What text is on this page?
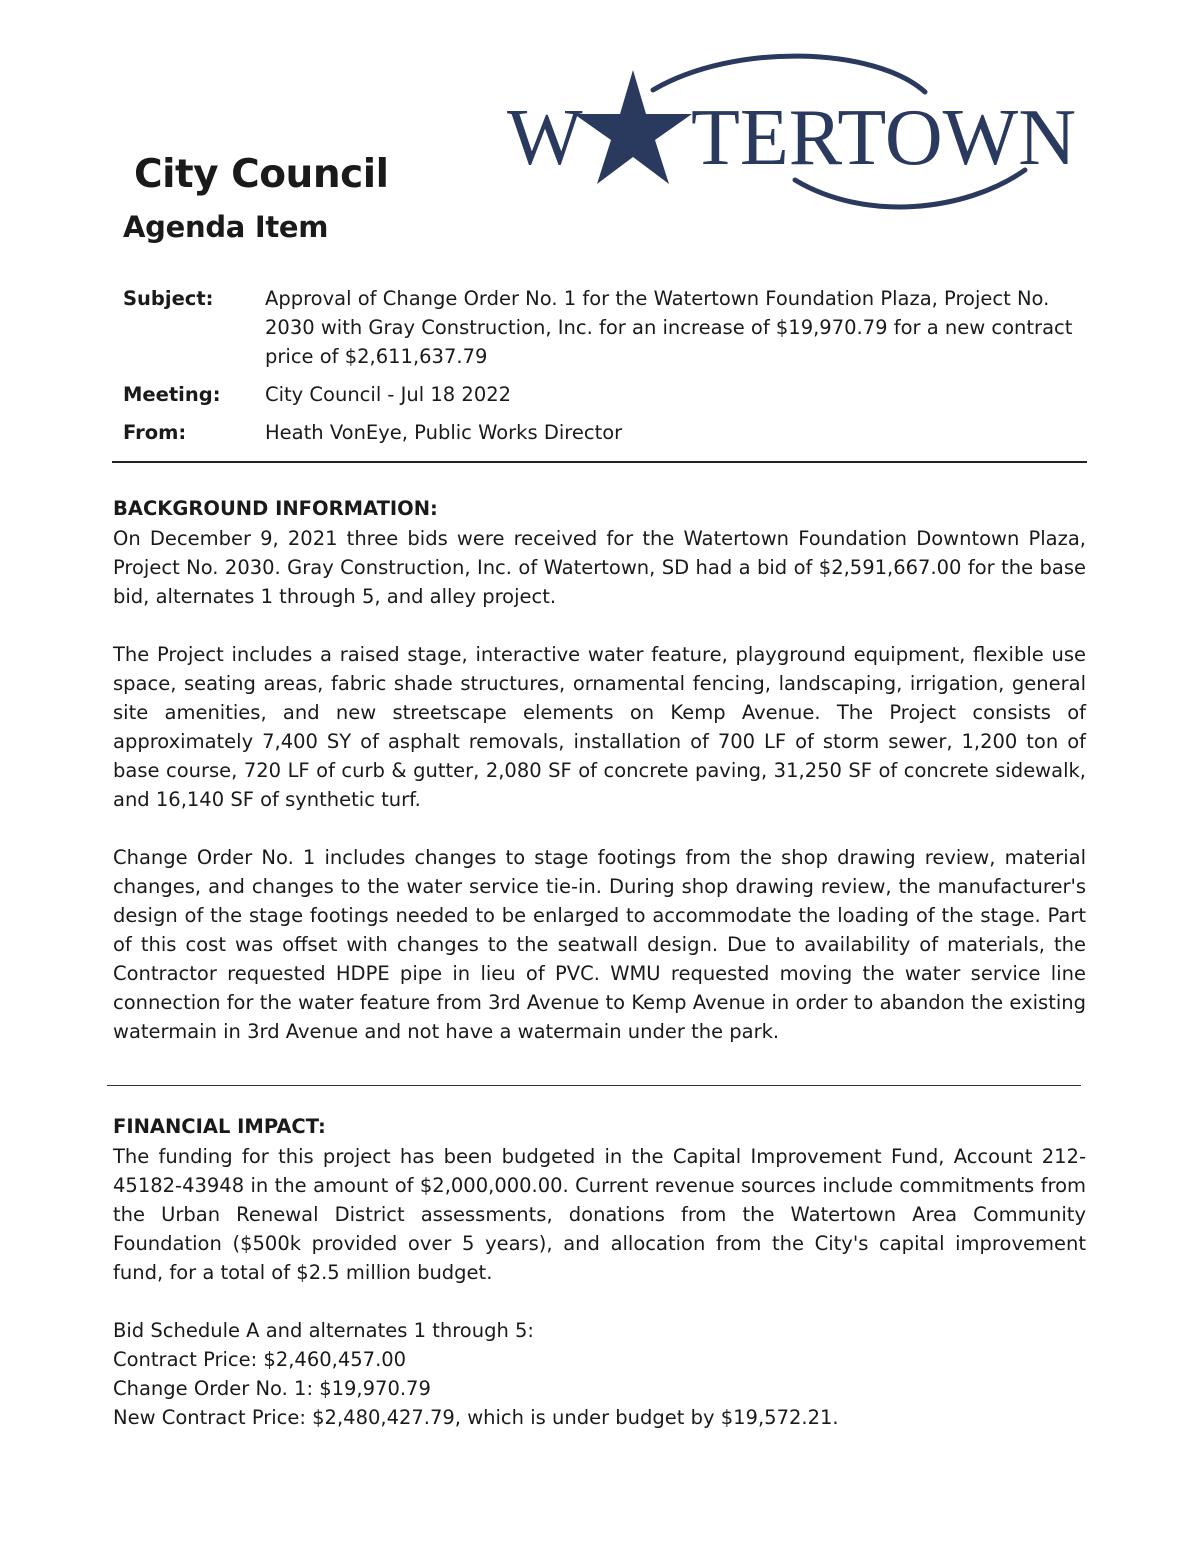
W TERTOWN
City Council
Agenda Item
Subject:	Approval of Change Order No. 1 for the Watertown Foundation Plaza, Project No. 2030 with Gray Construction, Inc. for an increase of $19,970.79 for a new contract price of $2,611,637.79
Meeting:	City Council - Jul 18 2022
From:	Heath VonEye, Public Works Director
BACKGROUND INFORMATION:

On December 9, 2021 three bids were received for the Watertown Foundation Downtown Plaza, Project No. 2030. Gray Construction, Inc. of Watertown, SD had a bid of $2,591,667.00 for the base bid, alternates 1 through 5, and alley project.

The Project includes a raised stage, interactive water feature, playground equipment, flexible use space, seating areas, fabric shade structures, ornamental fencing, landscaping, irrigation, general site amenities, and new streetscape elements on Kemp Avenue. The Project consists of approximately 7,400 SY of asphalt removals, installation of 700 LF of storm sewer, 1,200 ton of base course, 720 LF of curb & gutter, 2,080 SF of concrete paving, 31,250 SF of concrete sidewalk, and 16,140 SF of synthetic turf.

Change Order No. 1 includes changes to stage footings from the shop drawing review, material changes, and changes to the water service tie-in. During shop drawing review, the manufacturer's design of the stage footings needed to be enlarged to accommodate the loading of the stage. Part of this cost was offset with changes to the seatwall design. Due to availability of materials, the Contractor requested HDPE pipe in lieu of PVC. WMU requested moving the water service line connection for the water feature from 3rd Avenue to Kemp Avenue in order to abandon the existing watermain in 3rd Avenue and not have a watermain under the park.

FINANCIAL IMPACT:

The funding for this project has been budgeted in the Capital Improvement Fund, Account 212-45182-43948 in the amount of $2,000,000.00. Current revenue sources include commitments from the Urban Renewal District assessments, donations from the Watertown Area Community Foundation ($500k provided over 5 years), and allocation from the City's capital improvement fund, for a total of $2.5 million budget.

Bid Schedule A and alternates 1 through 5:

Contract Price: $2,460,457.00

Change Order No. 1: $19,970.79

New Contract Price: $2,480,427.79, which is under budget by $19,572.21.
